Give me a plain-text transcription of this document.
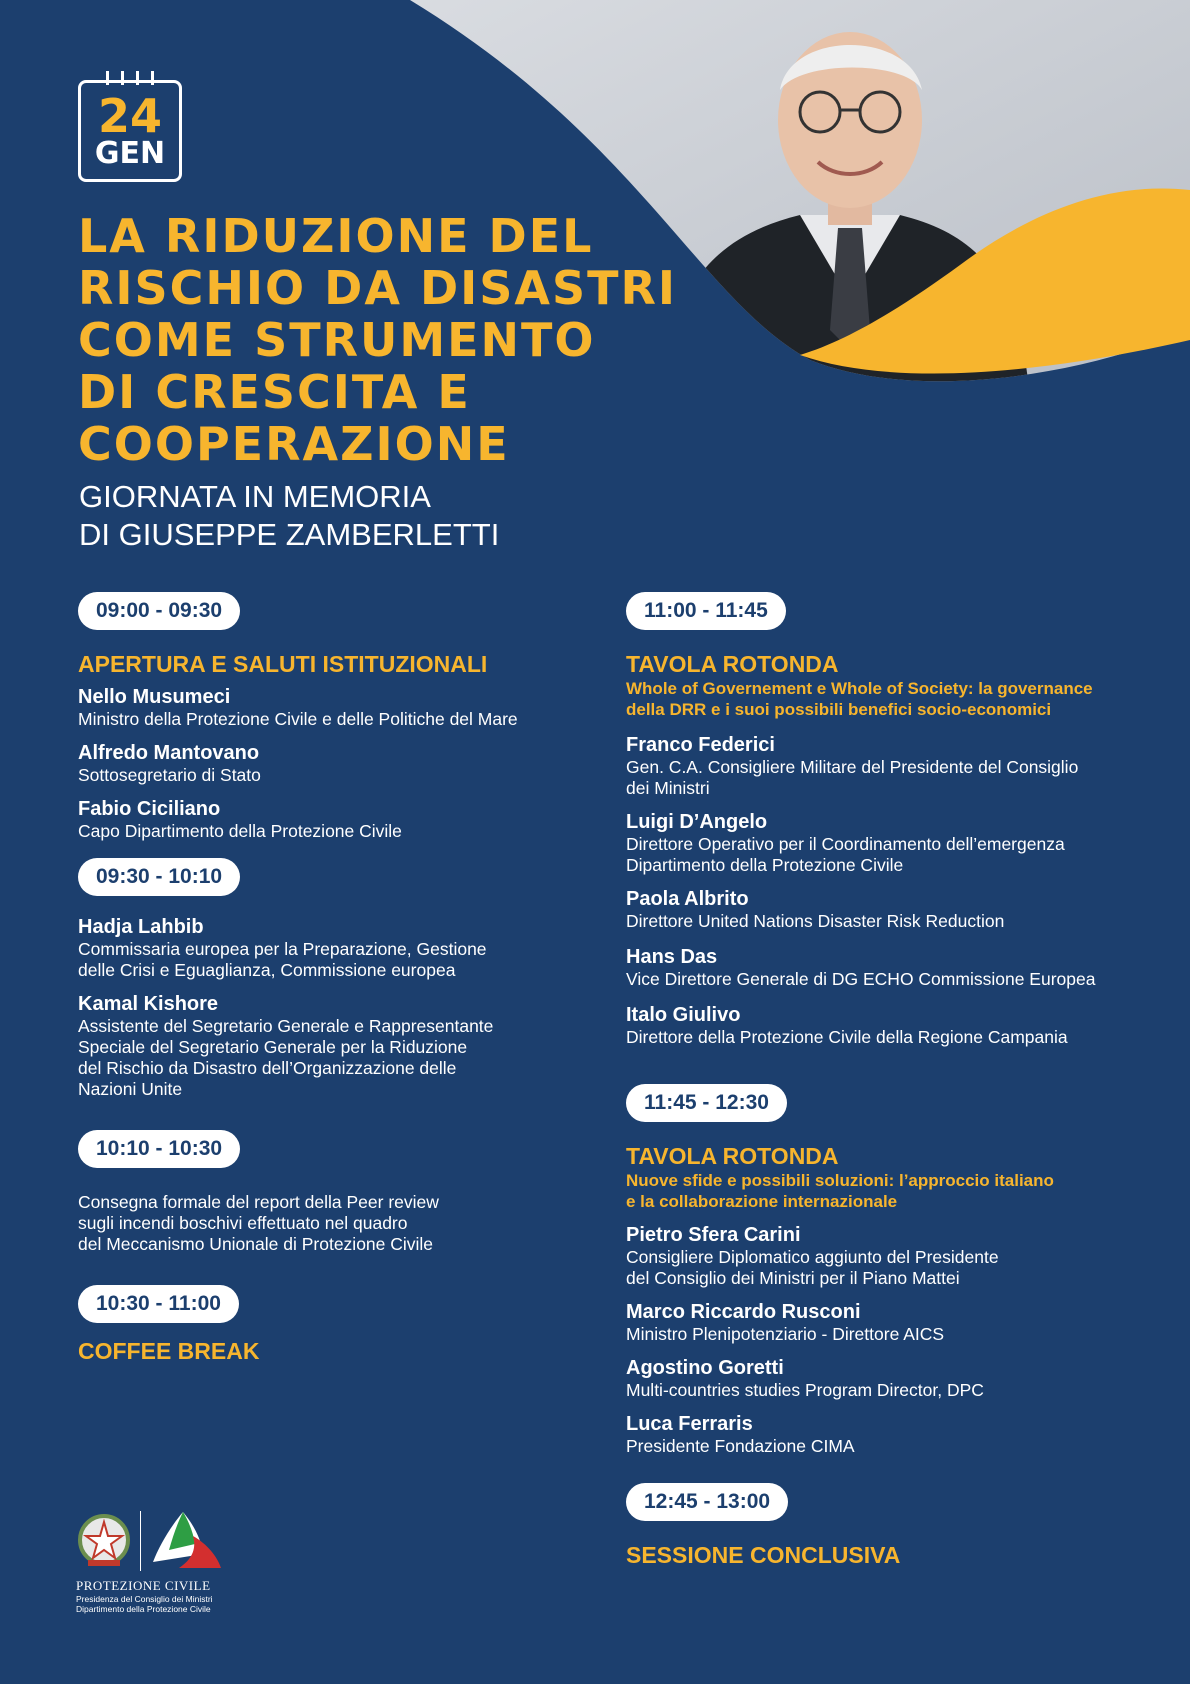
24
GEN
LA RIDUZIONE DEL
RISCHIO DA DISASTRI
COME STRUMENTO
DI CRESCITA E
COOPERAZIONE
GIORNATA IN MEMORIA
DI GIUSEPPE ZAMBERLETTI
09:00 - 09:30
APERTURA E SALUTI ISTITUZIONALI
Nello Musumeci
Ministro della Protezione Civile e delle Politiche del Mare
Alfredo Mantovano
Sottosegretario di Stato
Fabio Ciciliano
Capo Dipartimento della Protezione Civile
09:30 - 10:10
Hadja Lahbib
Commissaria europea per la Preparazione, Gestione
delle Crisi e Eguaglianza, Commissione europea
Kamal Kishore
Assistente del Segretario Generale e Rappresentante
Speciale del Segretario Generale per la Riduzione
del Rischio da Disastro dell’Organizzazione delle
Nazioni Unite
10:10 - 10:30
Consegna formale del report della Peer review
sugli incendi boschivi effettuato nel quadro
del Meccanismo Unionale di Protezione Civile
10:30 - 11:00
COFFEE BREAK
11:00 - 11:45
TAVOLA ROTONDA
Whole of Governement e Whole of Society: la governance
della DRR e i suoi possibili benefici socio-economici
Franco Federici
Gen. C.A. Consigliere Militare del Presidente del Consiglio
dei Ministri
Luigi D’Angelo
Direttore Operativo per il Coordinamento dell’emergenza
Dipartimento della Protezione Civile
Paola Albrito
Direttore United Nations Disaster Risk Reduction
Hans Das
Vice Direttore Generale di DG ECHO Commissione Europea
Italo Giulivo
Direttore della Protezione Civile della Regione Campania
11:45 - 12:30
TAVOLA ROTONDA
Nuove sfide e possibili soluzioni: l’approccio italiano
e la collaborazione internazionale
Pietro Sfera Carini
Consigliere Diplomatico aggiunto del Presidente
del Consiglio dei Ministri per il Piano Mattei
Marco Riccardo Rusconi
Ministro Plenipotenziario - Direttore AICS
Agostino Goretti
Multi-countries studies Program Director, DPC
Luca Ferraris
Presidente Fondazione CIMA
12:45 - 13:00
SESSIONE CONCLUSIVA
PROTEZIONE CIVILE
Presidenza del Consiglio dei Ministri
Dipartimento della Protezione Civile
